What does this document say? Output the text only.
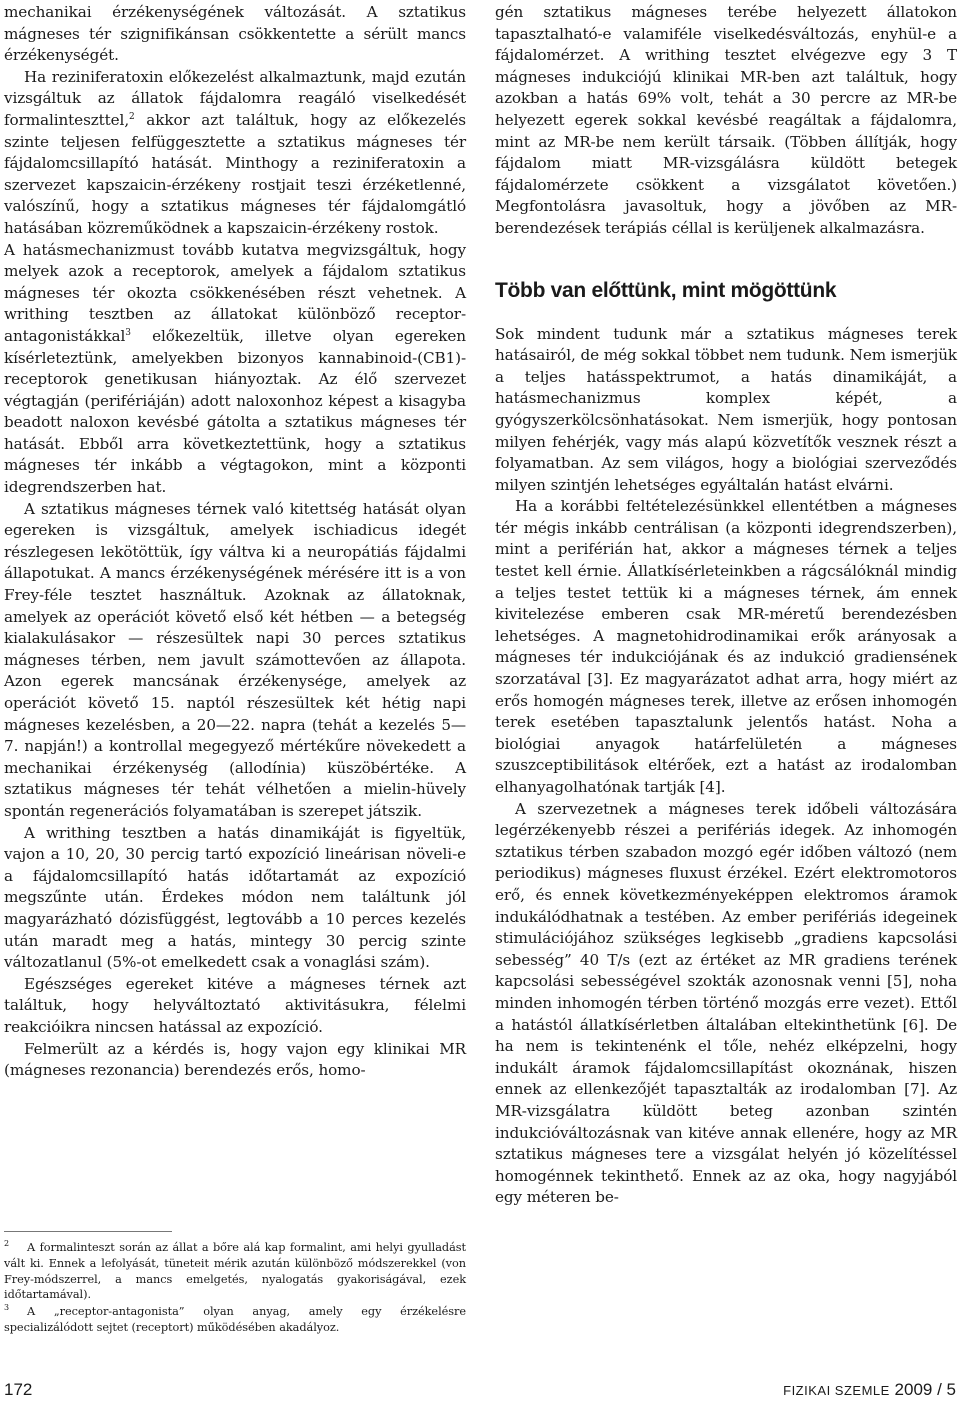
mechanikai érzékenységének változását. A sztatikus mágneses tér szignifikánsan csökkentette a sérült mancs érzékenységét.

Ha reziniferatoxin előkezelést alkalmaztunk, majd ezután vizsgáltuk az állatok fájdalomra reagáló viselkedését formalinteszttel,$^2$ akkor azt találtuk, hogy az előkezelés szinte teljesen felfüggesztette a sztatikus mágneses tér fájdalomcsillapító hatását. Minthogy a reziniferatoxin a szervezet kapszaicin-érzékeny rostjait teszi érzéketlenné, valószínű, hogy a sztatikus mágneses tér fájdalomgátló hatásában közreműködnek a kapszaicin-érzékeny rostok.

A hatásmechanizmust tovább kutatva megvizsgáltuk, hogy melyek azok a receptorok, amelyek a fájdalom sztatikus mágneses tér okozta csökkenésében részt vehetnek. A writhing tesztben az állatokat különböző receptor-antagonistákkal$^3$ előkezeltük, illetve olyan egereken kísérleteztünk, amelyekben bizonyos kannabinoid-(CB1)-receptorok genetikusan hiányoztak. Az élő szervezet végtagján (perifériáján) adott naloxonhoz képest a kisagyba beadott naloxon kevésbé gátolta a sztatikus mágneses tér hatását. Ebből arra következtettünk, hogy a sztatikus mágneses tér inkább a végtagokon, mint a központi idegrendszerben hat.

A sztatikus mágneses térnek való kitettség hatását olyan egereken is vizsgáltuk, amelyek ischiadicus idegét részlegesen lekötöttük, így váltva ki a neuropátiás fájdalmi állapotukat. A mancs érzékenységének mérésére itt is a von Frey-féle tesztet használtuk. Azoknak az állatoknak, amelyek az operációt követő első két hétben — a betegség kialakulásakor — részesültek napi 30 perces sztatikus mágneses térben, nem javult számottevően az állapota. Azon egerek mancsának érzékenysége, amelyek az operációt követő 15. naptól részesültek két hétig napi mágneses kezelésben, a 20—22. napra (tehát a kezelés 5—7. napján!) a kontrollal megegyező mértékűre növekedett a mechanikai érzékenység (allodínia) küszöbértéke. A sztatikus mágneses tér tehát vélhetően a mielin-hüvely spontán regenerációs folyamatában is szerepet játszik.

A writhing tesztben a hatás dinamikáját is figyeltük, vajon a 10, 20, 30 percig tartó expozíció lineárisan növeli-e a fájdalomcsillapító hatás időtartamát az expozíció megszűnte után. Érdekes módon nem találtunk jól magyarázható dózisfüggést, legtovább a 10 perces kezelés után maradt meg a hatás, mintegy 30 percig szinte változatlanul (5%-ot emelkedett csak a vonaglási szám).

Egészséges egereket kitéve a mágneses térnek azt találtuk, hogy helyváltoztató aktivitásukra, félelmi reakcióikra nincsen hatással az expozíció.

Felmerült az a kérdés is, hogy vajon egy klinikai MR (mágneses rezonancia) berendezés erős, homo-

$^2$ A formalinteszt során az állat a bőre alá kap formalint, ami helyi gyulladást vált ki. Ennek a lefolyását, tüneteit mérik azután különböző módszerekkel (von Frey-módszerrel, a mancs emelgetés, nyalogatás gyakoriságával, ezek időtartamával).

$^3$ A „receptor-antagonista” olyan anyag, amely egy érzékelésre specializálódott sejtet (receptort) működésében akadályoz.

gén sztatikus mágneses terébe helyezett állatokon tapasztalható-e valamiféle viselkedésváltozás, enyhül-e a fájdalomérzet. A writhing tesztet elvégezve egy 3 T mágneses indukciójú klinikai MR-ben azt találtuk, hogy azokban a hatás 69% volt, tehát a 30 percre az MR-be helyezett egerek sokkal kevésbé reagáltak a fájdalomra, mint az MR-be nem került társaik. (Többen állítják, hogy fájdalom miatt MR-vizsgálásra küldött betegek fájdalomérzete csökkent a vizsgálatot követően.) Megfontolásra javasoltuk, hogy a jövőben az MR-berendezések terápiás céllal is kerüljenek alkalmazásra.

Több van előttünk, mint mögöttünk

Sok mindent tudunk már a sztatikus mágneses terek hatásairól, de még sokkal többet nem tudunk. Nem ismerjük a teljes hatásspektrumot, a hatás dinamikáját, a hatásmechanizmus komplex képét, a gyógyszerkölcsönhatásokat. Nem ismerjük, hogy pontosan milyen fehérjék, vagy más alapú közvetítők vesznek részt a folyamatban. Az sem világos, hogy a biológiai szerveződés milyen szintjén lehetséges egyáltalán hatást elvárni.

Ha a korábbi feltételezésünkkel ellentétben a mágneses tér mégis inkább centrálisan (a központi idegrendszerben), mint a periférián hat, akkor a mágneses térnek a teljes testet kell érnie. Állatkísérleteinkben a rágcsálóknál mindig a teljes testet tettük ki a mágneses térnek, ám ennek kivitelezése emberen csak MR-méretű berendezésben lehetséges. A magnetohidrodinamikai erők arányosak a mágneses tér indukciójának és az indukció gradiensének szorzatával [3]. Ez magyarázatot adhat arra, hogy miért az erős homogén mágneses terek, illetve az erősen inhomogén terek esetében tapasztalunk jelentős hatást. Noha a biológiai anyagok határfelületén a mágneses szuszceptibilitások eltérőek, ezt a hatást az irodalomban elhanyagolhatónak tartják [4].

A szervezetnek a mágneses terek időbeli változására legérzékenyebb részei a perifériás idegek. Az inhomogén sztatikus térben szabadon mozgó egér időben változó (nem periodikus) mágneses fluxust érzékel. Ezért elektromotoros erő, és ennek következményeképpen elektromos áramok indukálódhatnak a testében. Az ember perifériás idegeinek stimulációjához szükséges legkisebb „gradiens kapcsolási sebesség” 40 T/s (ezt az értéket az MR gradiens terének kapcsolási sebességével szokták azonosnak venni [5], noha minden inhomogén térben történő mozgás erre vezet). Ettől a hatástól állatkísérletben általában eltekinthetünk [6]. De ha nem is tekintenénk el tőle, nehéz elképzelni, hogy indukált áramok fájdalomcsillapítást okoznának, hiszen ennek az ellenkezőjét tapasztalták az irodalomban [7]. Az MR-vizsgálatra küldött beteg azonban szintén indukcióváltozásnak van kitéve annak ellenére, hogy az MR sztatikus mágneses tere a vizsgálat helyén jó közelítéssel homogénnek tekinthető. Ennek az az oka, hogy nagyjából egy méteren be-

172	FIZIKAI SZEMLE 2009 / 5
